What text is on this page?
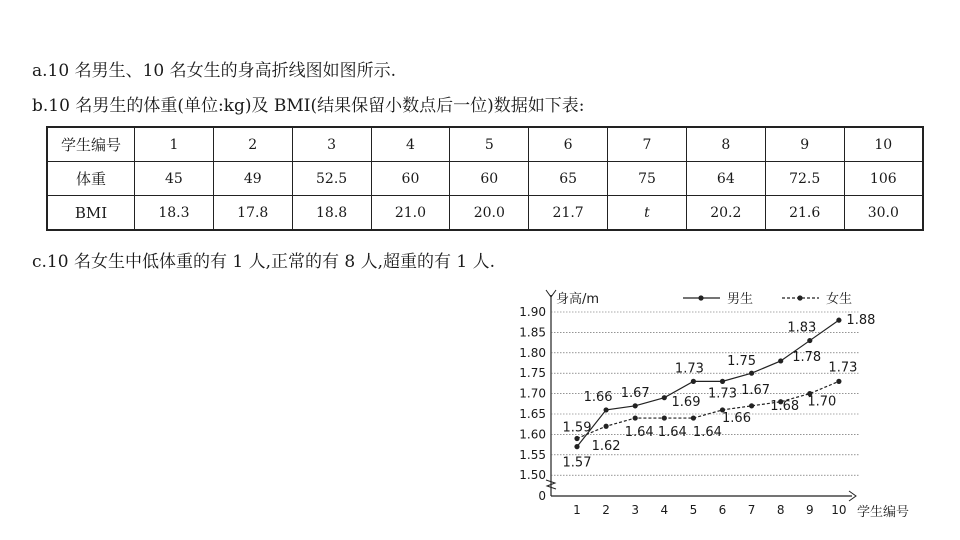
a.10 名男生、10 名女生的身高折线图如图所示.
b.10 名男生的体重(单位:kg)及 BMI(结果保留小数点后一位)数据如下表:
学生编号	1	2	3	4	5	6	7	8	9	10
体重	45	49	52.5	60	60	65	75	64	72.5	106
BMI	18.3	17.8	18.8	21.0	20.0	21.7	t	20.2	21.6	30.0
c.10 名女生中低体重的有 1 人,正常的有 8 人,超重的有 1 人.
1.90
1.85
1.80
1.75
1.70
1.65
1.60
1.55
1.50
0
1 2 3 4 5 6 7 8 9 10
身高/m
学生编号
男生	女生
1.57
1.66 1.67
1.73
1.73
1.75	1.78
1.83 1.88
1.59
1.62
1.64 1.64 1.64
1.66
1.67
1.68 1.70
1.73
1.69
